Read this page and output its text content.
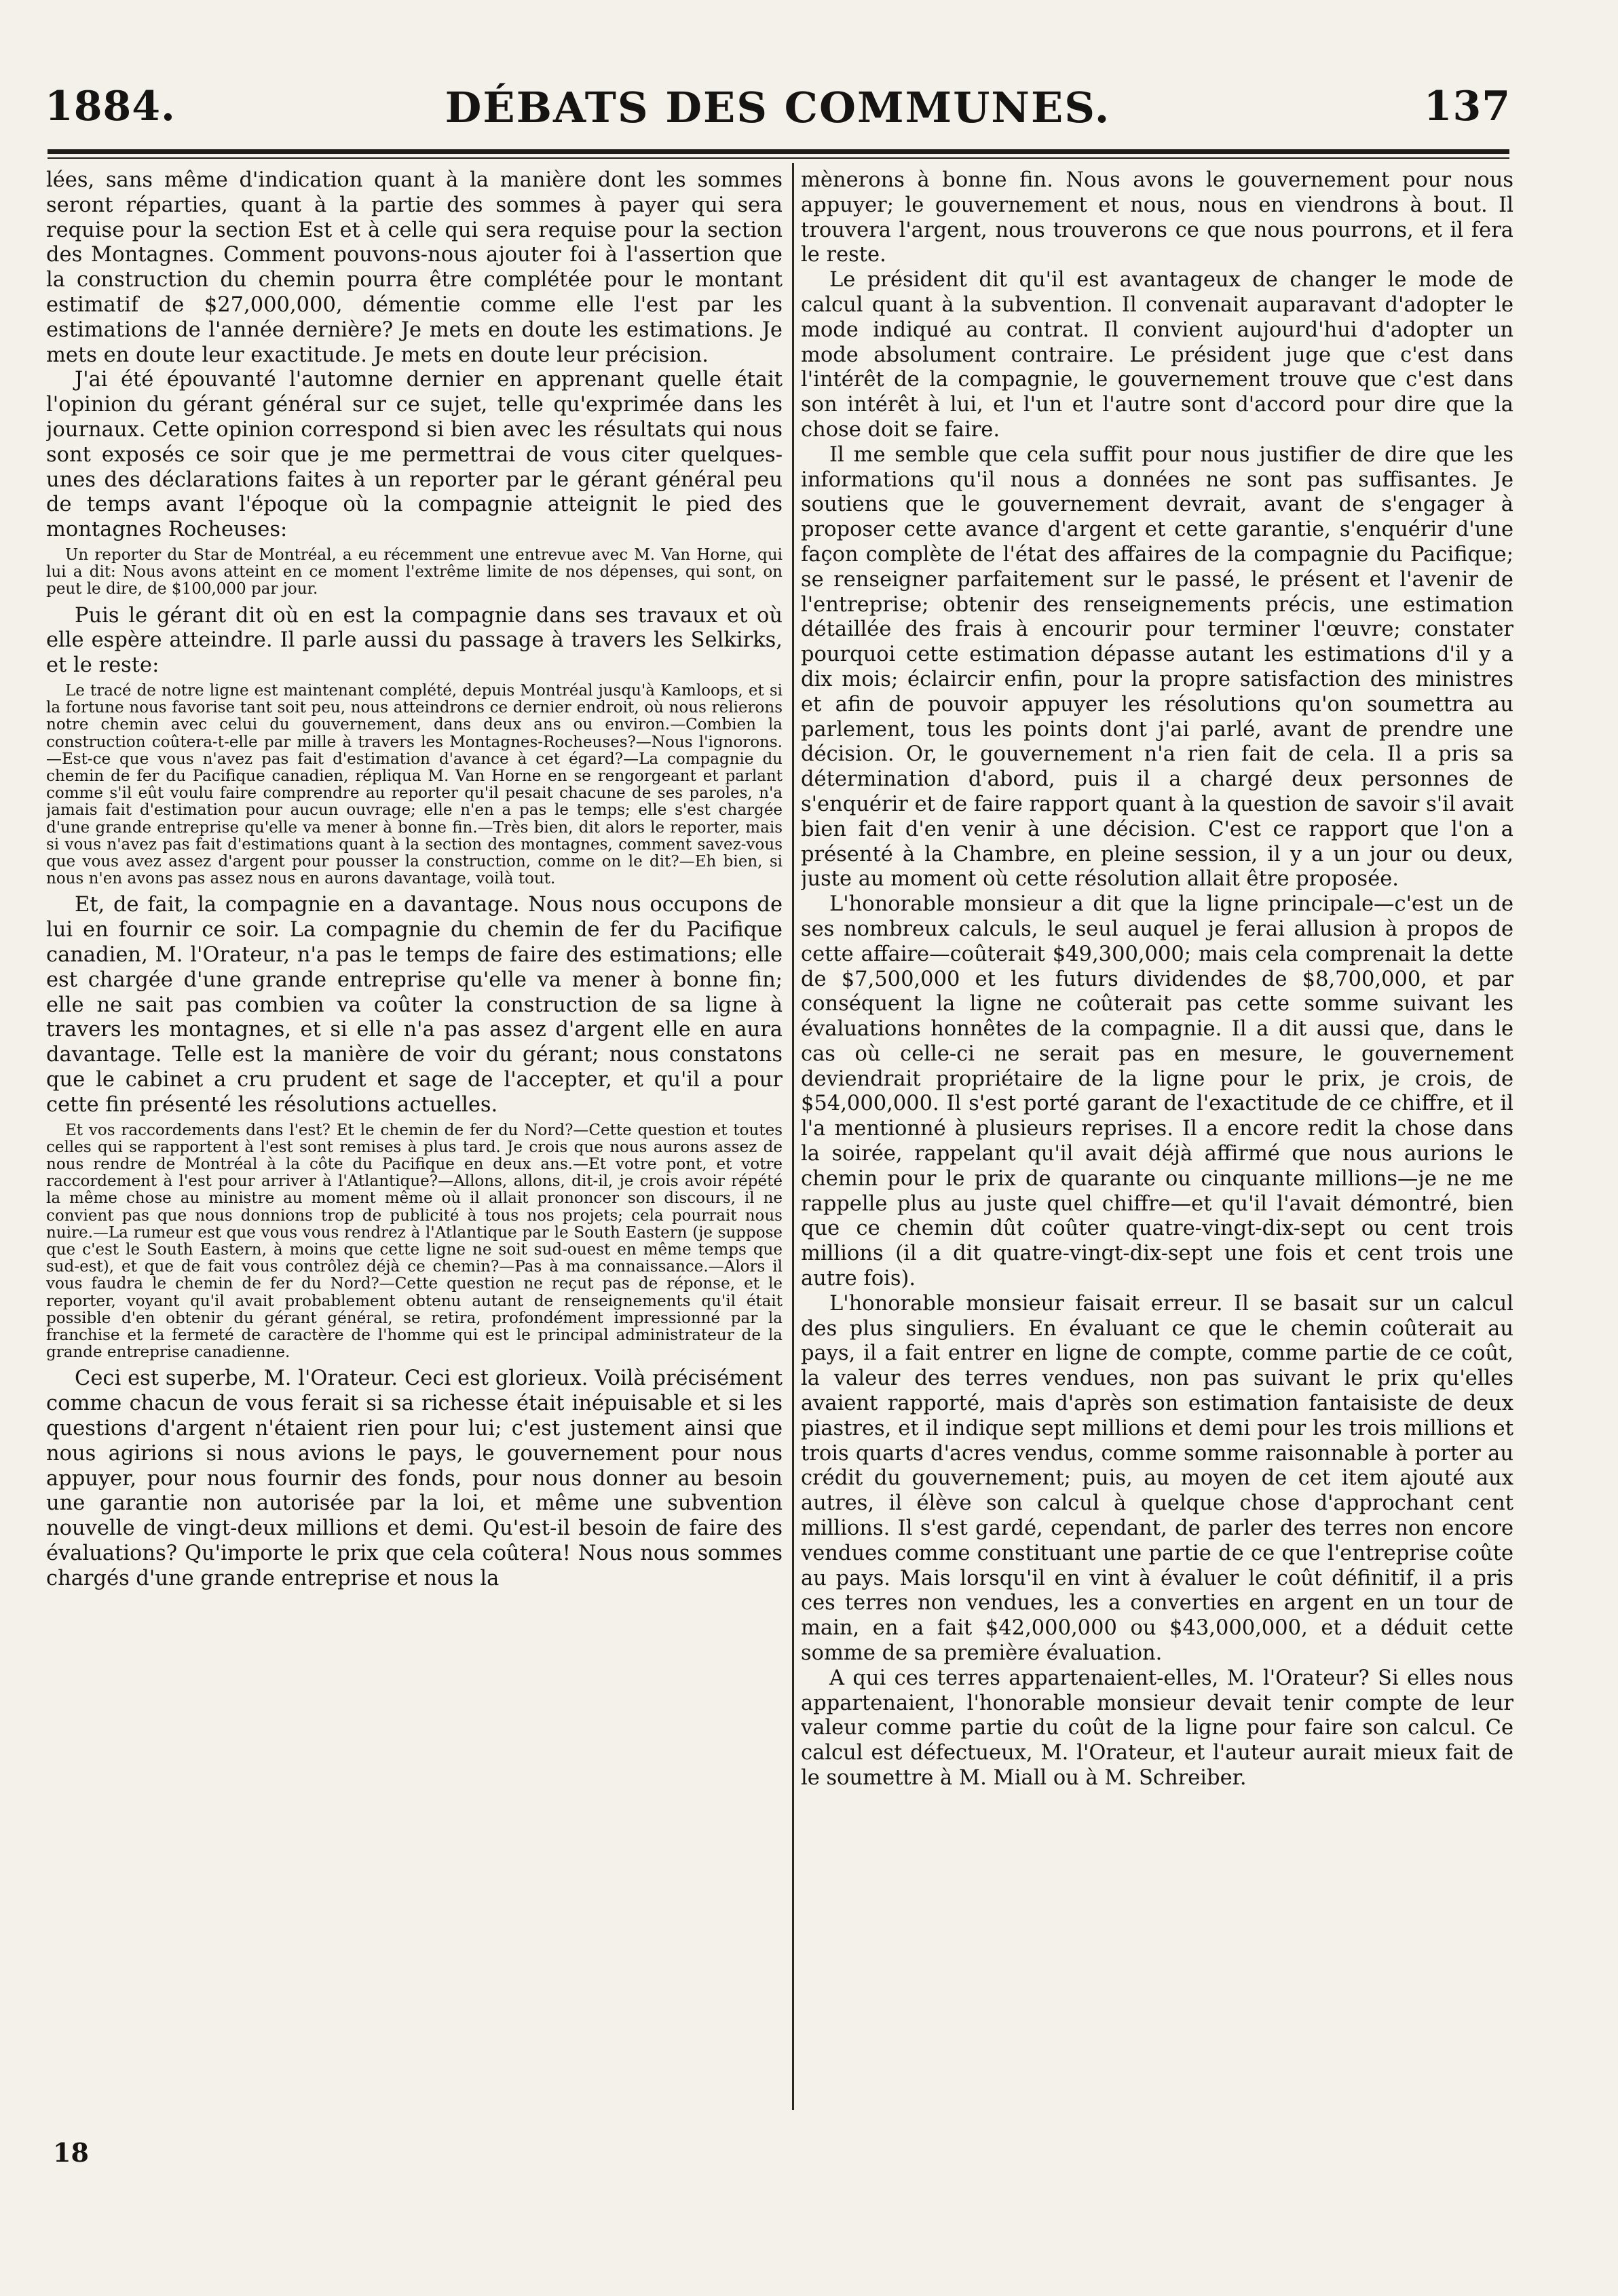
1884.	DÉBATS DES COMMUNES.	137

lées, sans même d'indication quant à la manière dont les sommes seront réparties, quant à la partie des sommes à payer qui sera requise pour la section Est et à celle qui sera requise pour la section des Montagnes. Comment pouvons-nous ajouter foi à l'assertion que la construction du chemin pourra être complétée pour le montant estimatif de $27,000,000, démentie comme elle l'est par les estimations de l'année dernière? Je mets en doute les estimations. Je mets en doute leur exactitude. Je mets en doute leur précision.

J'ai été épouvanté l'automne dernier en apprenant quelle était l'opinion du gérant général sur ce sujet, telle qu'exprimée dans les journaux. Cette opinion correspond si bien avec les résultats qui nous sont exposés ce soir que je me permettrai de vous citer quelques-unes des déclarations faites à un reporter par le gérant général peu de temps avant l'époque où la compagnie atteignit le pied des montagnes Rocheuses:

Un reporter du Star de Montréal, a eu récemment une entrevue avec M. Van Horne, qui lui a dit: Nous avons atteint en ce moment l'extrême limite de nos dépenses, qui sont, on peut le dire, de $100,000 par jour.

Puis le gérant dit où en est la compagnie dans ses travaux et où elle espère atteindre. Il parle aussi du passage à travers les Selkirks, et le reste:

Le tracé de notre ligne est maintenant complété, depuis Montréal jusqu'à Kamloops, et si la fortune nous favorise tant soit peu, nous atteindrons ce dernier endroit, où nous relierons notre chemin avec celui du gouvernement, dans deux ans ou environ.—Combien la construction coûtera-t-elle par mille à travers les Montagnes-Rocheuses?—Nous l'ignorons.—Est-ce que vous n'avez pas fait d'estimation d'avance à cet égard?—La compagnie du chemin de fer du Pacifique canadien, répliqua M. Van Horne en se rengorgeant et parlant comme s'il eût voulu faire comprendre au reporter qu'il pesait chacune de ses paroles, n'a jamais fait d'estimation pour aucun ouvrage; elle n'en a pas le temps; elle s'est chargée d'une grande entreprise qu'elle va mener à bonne fin.—Très bien, dit alors le reporter, mais si vous n'avez pas fait d'estimations quant à la section des montagnes, comment savez-vous que vous avez assez d'argent pour pousser la construction, comme on le dit?—Eh bien, si nous n'en avons pas assez nous en aurons davantage, voilà tout.

Et, de fait, la compagnie en a davantage. Nous nous occupons de lui en fournir ce soir. La compagnie du chemin de fer du Pacifique canadien, M. l'Orateur, n'a pas le temps de faire des estimations; elle est chargée d'une grande entreprise qu'elle va mener à bonne fin; elle ne sait pas combien va coûter la construction de sa ligne à travers les montagnes, et si elle n'a pas assez d'argent elle en aura davantage. Telle est la manière de voir du gérant; nous constatons que le cabinet a cru prudent et sage de l'accepter, et qu'il a pour cette fin présenté les résolutions actuelles.

Et vos raccordements dans l'est? Et le chemin de fer du Nord?—Cette question et toutes celles qui se rapportent à l'est sont remises à plus tard. Je crois que nous aurons assez de nous rendre de Montréal à la côte du Pacifique en deux ans.—Et votre pont, et votre raccordement à l'est pour arriver à l'Atlantique?—Allons, allons, dit-il, je crois avoir répété la même chose au ministre au moment même où il allait prononcer son discours, il ne convient pas que nous donnions trop de publicité à tous nos projets; cela pourrait nous nuire.—La rumeur est que vous vous rendrez à l'Atlantique par le South Eastern (je suppose que c'est le South Eastern, à moins que cette ligne ne soit sud-ouest en même temps que sud-est), et que de fait vous contrôlez déjà ce chemin?—Pas à ma connaissance.—Alors il vous faudra le chemin de fer du Nord?—Cette question ne reçut pas de réponse, et le reporter, voyant qu'il avait probablement obtenu autant de renseignements qu'il était possible d'en obtenir du gérant général, se retira, profondément impressionné par la franchise et la fermeté de caractère de l'homme qui est le principal administrateur de la grande entreprise canadienne.

Ceci est superbe, M. l'Orateur. Ceci est glorieux. Voilà précisément comme chacun de vous ferait si sa richesse était inépuisable et si les questions d'argent n'étaient rien pour lui; c'est justement ainsi que nous agirions si nous avions le pays, le gouvernement pour nous appuyer, pour nous fournir des fonds, pour nous donner au besoin une garantie non autorisée par la loi, et même une subvention nouvelle de vingt-deux millions et demi. Qu'est-il besoin de faire des évaluations? Qu'importe le prix que cela coûtera! Nous nous sommes chargés d'une grande entreprise et nous la

mènerons à bonne fin. Nous avons le gouvernement pour nous appuyer; le gouvernement et nous, nous en viendrons à bout. Il trouvera l'argent, nous trouverons ce que nous pourrons, et il fera le reste.

Le président dit qu'il est avantageux de changer le mode de calcul quant à la subvention. Il convenait auparavant d'adopter le mode indiqué au contrat. Il convient aujourd'hui d'adopter un mode absolument contraire. Le président juge que c'est dans l'intérêt de la compagnie, le gouvernement trouve que c'est dans son intérêt à lui, et l'un et l'autre sont d'accord pour dire que la chose doit se faire.

Il me semble que cela suffit pour nous justifier de dire que les informations qu'il nous a données ne sont pas suffisantes. Je soutiens que le gouvernement devrait, avant de s'engager à proposer cette avance d'argent et cette garantie, s'enquérir d'une façon complète de l'état des affaires de la compagnie du Pacifique; se renseigner parfaitement sur le passé, le présent et l'avenir de l'entreprise; obtenir des renseignements précis, une estimation détaillée des frais à encourir pour terminer l'œuvre; constater pourquoi cette estimation dépasse autant les estimations d'il y a dix mois; éclaircir enfin, pour la propre satisfaction des ministres et afin de pouvoir appuyer les résolutions qu'on soumettra au parlement, tous les points dont j'ai parlé, avant de prendre une décision. Or, le gouvernement n'a rien fait de cela. Il a pris sa détermination d'abord, puis il a chargé deux personnes de s'enquérir et de faire rapport quant à la question de savoir s'il avait bien fait d'en venir à une décision. C'est ce rapport que l'on a présenté à la Chambre, en pleine session, il y a un jour ou deux, juste au moment où cette résolution allait être proposée.

L'honorable monsieur a dit que la ligne principale—c'est un de ses nombreux calculs, le seul auquel je ferai allusion à propos de cette affaire—coûterait $49,300,000; mais cela comprenait la dette de $7,500,000 et les futurs dividendes de $8,700,000, et par conséquent la ligne ne coûterait pas cette somme suivant les évaluations honnêtes de la compagnie. Il a dit aussi que, dans le cas où celle-ci ne serait pas en mesure, le gouvernement deviendrait propriétaire de la ligne pour le prix, je crois, de $54,000,000. Il s'est porté garant de l'exactitude de ce chiffre, et il l'a mentionné à plusieurs reprises. Il a encore redit la chose dans la soirée, rappelant qu'il avait déjà affirmé que nous aurions le chemin pour le prix de quarante ou cinquante millions—je ne me rappelle plus au juste quel chiffre—et qu'il l'avait démontré, bien que ce chemin dût coûter quatre-vingt-dix-sept ou cent trois millions (il a dit quatre-vingt-dix-sept une fois et cent trois une autre fois).

L'honorable monsieur faisait erreur. Il se basait sur un calcul des plus singuliers. En évaluant ce que le chemin coûterait au pays, il a fait entrer en ligne de compte, comme partie de ce coût, la valeur des terres vendues, non pas suivant le prix qu'elles avaient rapporté, mais d'après son estimation fantaisiste de deux piastres, et il indique sept millions et demi pour les trois millions et trois quarts d'acres vendus, comme somme raisonnable à porter au crédit du gouvernement; puis, au moyen de cet item ajouté aux autres, il élève son calcul à quelque chose d'approchant cent millions. Il s'est gardé, cependant, de parler des terres non encore vendues comme constituant une partie de ce que l'entreprise coûte au pays. Mais lorsqu'il en vint à évaluer le coût définitif, il a pris ces terres non vendues, les a converties en argent en un tour de main, en a fait $42,000,000 ou $43,000,000, et a déduit cette somme de sa première évaluation.

A qui ces terres appartenaient-elles, M. l'Orateur? Si elles nous appartenaient, l'honorable monsieur devait tenir compte de leur valeur comme partie du coût de la ligne pour faire son calcul. Ce calcul est défectueux, M. l'Orateur, et l'auteur aurait mieux fait de le soumettre à M. Miall ou à M. Schreiber.

18
